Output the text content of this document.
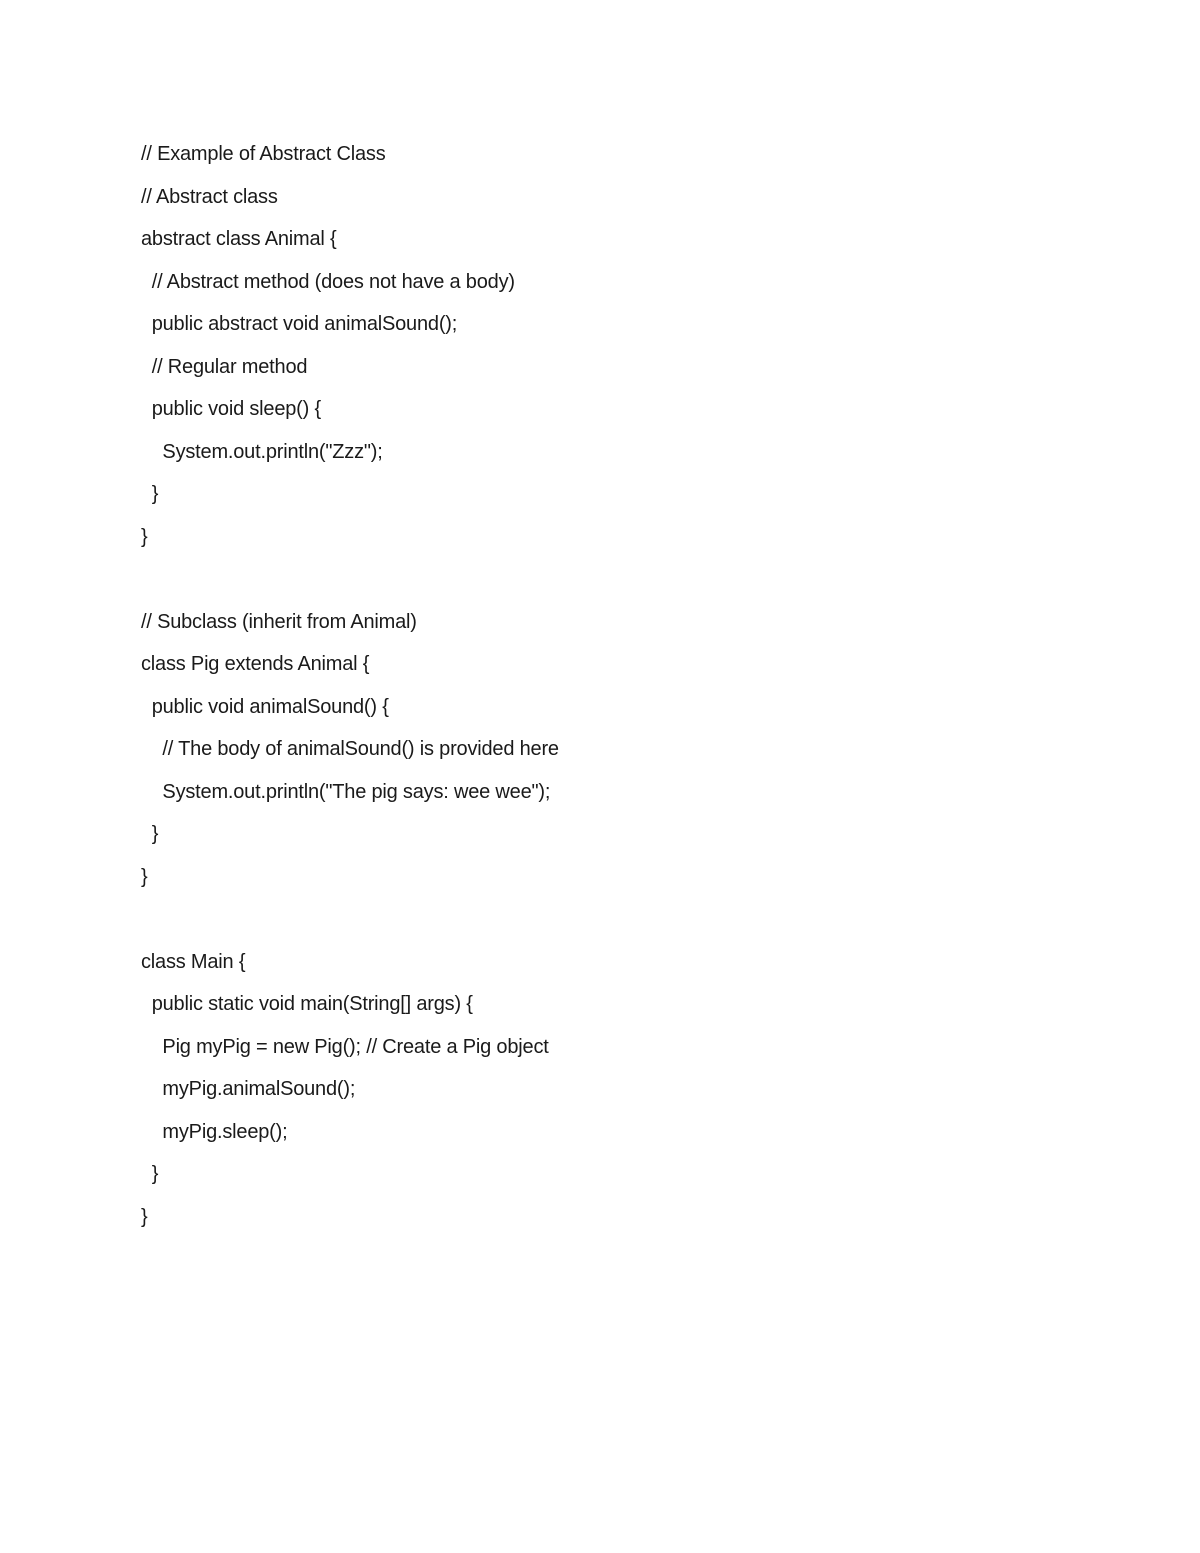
// Example of Abstract Class
// Abstract class
abstract class Animal {
// Abstract method (does not have a body)
public abstract void animalSound();
// Regular method
public void sleep() {
System.out.println("Zzz");
}
}
// Subclass (inherit from Animal)
class Pig extends Animal {
public void animalSound() {
// The body of animalSound() is provided here
System.out.println("The pig says: wee wee");
}
}
class Main {
public static void main(String[] args) {
Pig myPig = new Pig(); // Create a Pig object
myPig.animalSound();
myPig.sleep();
}
}
